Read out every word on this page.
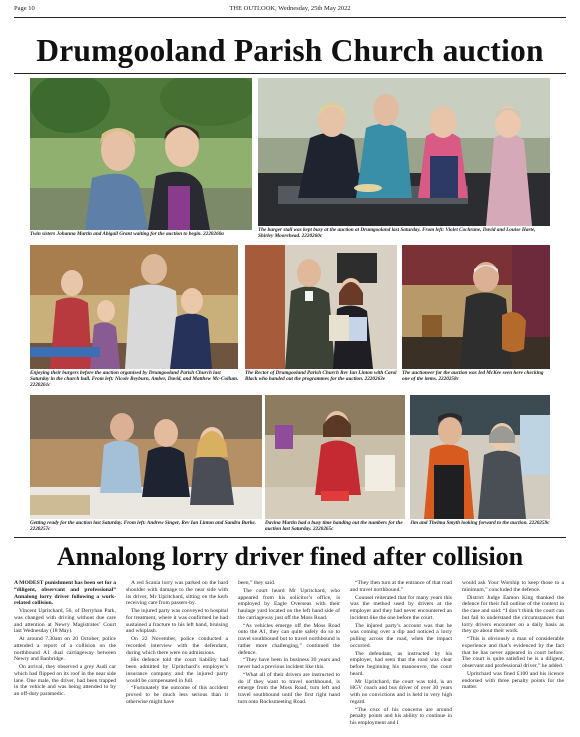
Page 10	THE OUTLOOK, Wednesday, 25th May 2022
Drumgooland Parish Church auction
Twin sisters Johanna Martin and Abigail Grant waiting for the auction to begin. 2220260a
The burger stall was kept busy at the auction at Drumgooland last Saturday. From left: Violet Cochrane, David and Louise Harte, Shirley Moorehead. 2220260c
Enjoying their burgers before the auction organised by Drumgooland Parish Church last Saturday in the church hall. From left: Nicole Reyburn, Amber, David, and Matthew Mc-Collum. 2220261c
The Rector of Drumgooland Parish Church Rev Ian Linton with Carol Black who handed out the programmes for the auction. 2220263e
The auctioneer for the auction was Ied McKee seen here checking one of the items. 2220258c
Getting ready for the auction last Saturday. From left: Andrew Singer, Rev Ian Linton and Sandra Burke. 2220257c
Davina Martin had a busy time handing out the numbers for the auction last Saturday. 2220265c
Jim and Thelma Smyth looking forward to the auction. 2220259c
Annalong lorry driver fined after collision

A MODEST punishment has been set for a “diligent, observant and professional” Annalong lorry driver following a work-related collision.

Vincent Upritchard, 56, of Derryhan Park, was changed with driving without due care and attention at Newry Magistrates’ Court last Wednesday (18 May).

At around 7.30am on 20 October, police attended a report of a collision on the northbound A1 dual carriageway between Newry and Banbridge.

On arrival, they observed a grey Audi car which had flipped on its roof in the near side lane. One male, the driver, had been trapped in the vehicle and was being attended to by an off-duty paramedic.

A red Scania lorry was parked on the hard shoulder with damage to the near side with its driver, Mr Upritchard, sitting on the kerb receiving care from passers-by.

The injured party was conveyed to hospital for treatment, where it was confirmed he had sustained a fracture to his left hand, bruising and whiplash.

On 22 November, police conducted a recorded interview with the defendant, during which there were no admissions.

His defence told the court liability had been admitted by Upritchard’s employer’s insurance company and the injured party would be compensated in full.

“Fortunately the outcome of this accident proved to be much less serious than it otherwise might have

been,” they said.

The court heard Mr Upritchard, who appeared from his solicitor’s office, is employed by Eagle Overseas with their haulage yard located on the left hand side of the carriageway just off the Moss Road.

“As vehicles emerge off the Moss Road onto the A1, they can quite safely do so to travel southbound but to travel northbound is rather more challenging,” continued the defence.

“They have been in business 30 years and never had a previous incident like this.

“What all of their drivers are instructed to do if they want to travel northbound, is emerge from the Moss Road, turn left and travel southbound until the first right hand turn onto Rocksmeeting Road.

“They then turn at the entrance of that road and travel northbound.”

Counsel reiterated that for many years this was the method used by drivers at the employer and they had never encountered an incident like the one before the court.

The injured party’s account was that he was coming over a dip and noticed a lorry pulling across the road, when the impact occurred.

The defendant, as instructed by his employer, had seen that the road was clear before beginning his manoeuvre, the court heard.

Mr Upritchard, the court was told, is an HGV coach and bus driver of over 30 years with no convictions and is held in very high regard.

“The crux of his concerns are around penalty points and his ability to continue in his employment and I

would ask Your Worship to keep those to a minimum,” concluded the defence.

District Judge Eamon King thanked the defence for their full outline of the context in the case and said: “I don’t think the court can but fail to understand the circumstances that lorry drivers encounter on a daily basis as they go about their work.

“This is obviously a man of considerable experience and that’s evidenced by the fact that he has never appeared in court before. The court is quite satisfied he is a diligent, observant and professional driver,” he added.

Upritchard was fined £100 and his licence endorsed with three penalty points for the matter.
